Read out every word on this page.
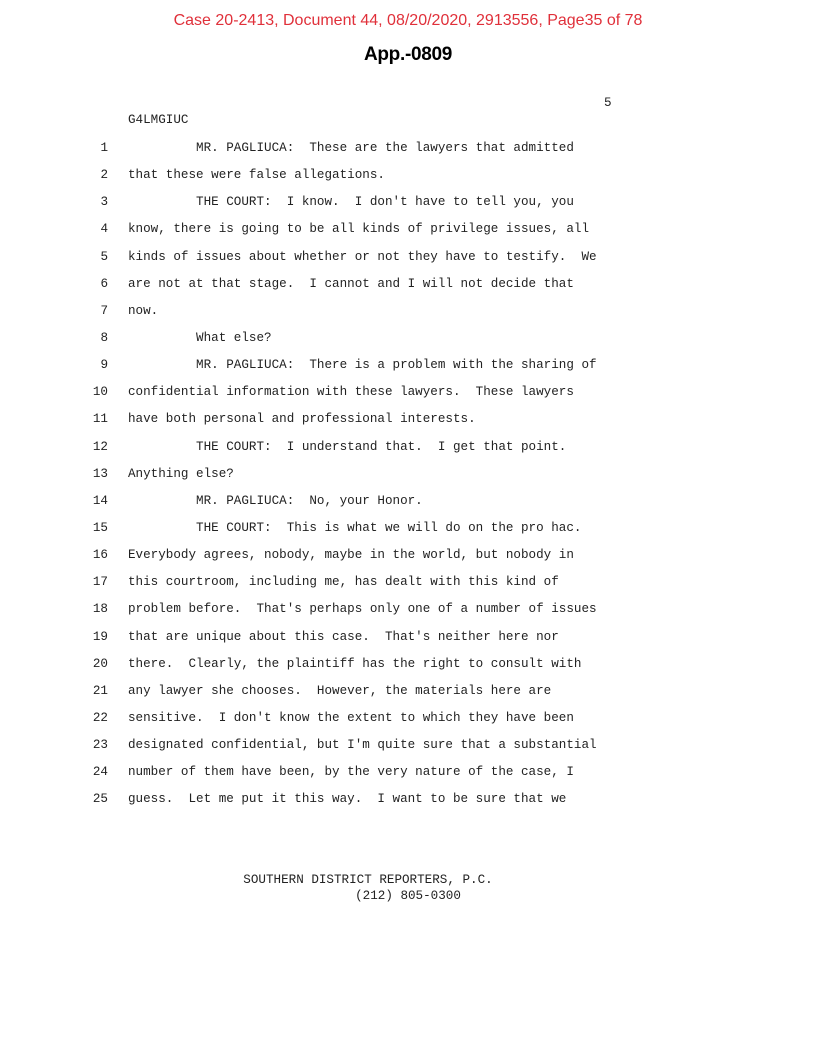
Case 20-2413, Document 44, 08/20/2020, 2913556, Page35 of 78
App.-0809
5
G4LMGIUC
1 MR. PAGLIUCA:  These are the lawyers that admitted
2 that these were false allegations.
3 THE COURT:  I know.  I don't have to tell you, you
4 know, there is going to be all kinds of privilege issues, all
5 kinds of issues about whether or not they have to testify.  We
6 are not at that stage.  I cannot and I will not decide that
7 now.
8 What else?
9 MR. PAGLIUCA:  There is a problem with the sharing of
10 confidential information with these lawyers.  These lawyers
11 have both personal and professional interests.
12 THE COURT:  I understand that.  I get that point.
13 Anything else?
14 MR. PAGLIUCA:  No, your Honor.
15 THE COURT:  This is what we will do on the pro hac.
16 Everybody agrees, nobody, maybe in the world, but nobody in
17 this courtroom, including me, has dealt with this kind of
18 problem before.  That's perhaps only one of a number of issues
19 that are unique about this case.  That's neither here nor
20 there.  Clearly, the plaintiff has the right to consult with
21 any lawyer she chooses.  However, the materials here are
22 sensitive.  I don't know the extent to which they have been
23 designated confidential, but I'm quite sure that a substantial
24 number of them have been, by the very nature of the case, I
25 guess.  Let me put it this way.  I want to be sure that we
SOUTHERN DISTRICT REPORTERS, P.C.
(212) 805-0300
